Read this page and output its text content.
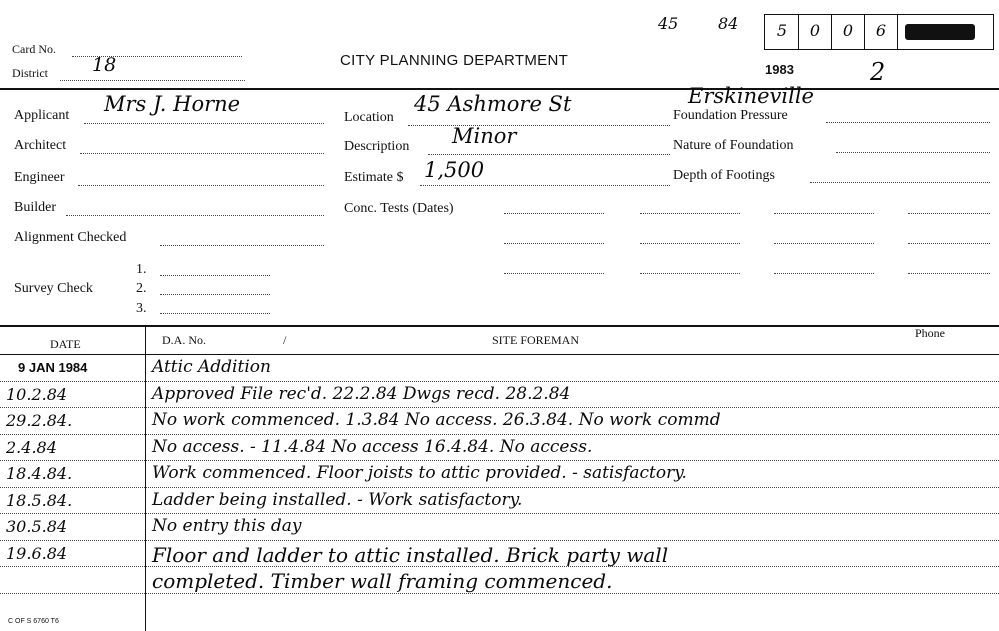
Card No.
District 18	CITY PLANNING DEPARTMENT
45 84	5	0	0	6
1983	2
Applicant Mrs J. Horne
Architect
Engineer
Builder
Alignment Checked
1.
Survey Check	2.
3.
Location
45 Ashmore St	Erskineville
Description Minor
Estimate $ 1,500
Conc. Tests (Dates)
Foundation Pressure
Nature of Foundation
Depth of Footings
DATE	D.A. No.	/	SITE FOREMAN	Phone
9 JAN 1984	Attic Addition
10.2.84	Approved File rec'd. 22.2.84 Dwgs recd. 28.2.84
29.2.84.	No work commenced. 1.3.84 No access. 26.3.84. No work commd
2.4.84	No access. - 11.4.84 No access 16.4.84. No access.
18.4.84.	Work commenced. Floor joists to attic provided. - satisfactory.
18.5.84.	Ladder being installed. - Work satisfactory.
30.5.84	No entry this day
19.6.84	Floor and ladder to attic installed. Brick party wall
completed. Timber wall framing commenced.
C OF S 6760 T6
